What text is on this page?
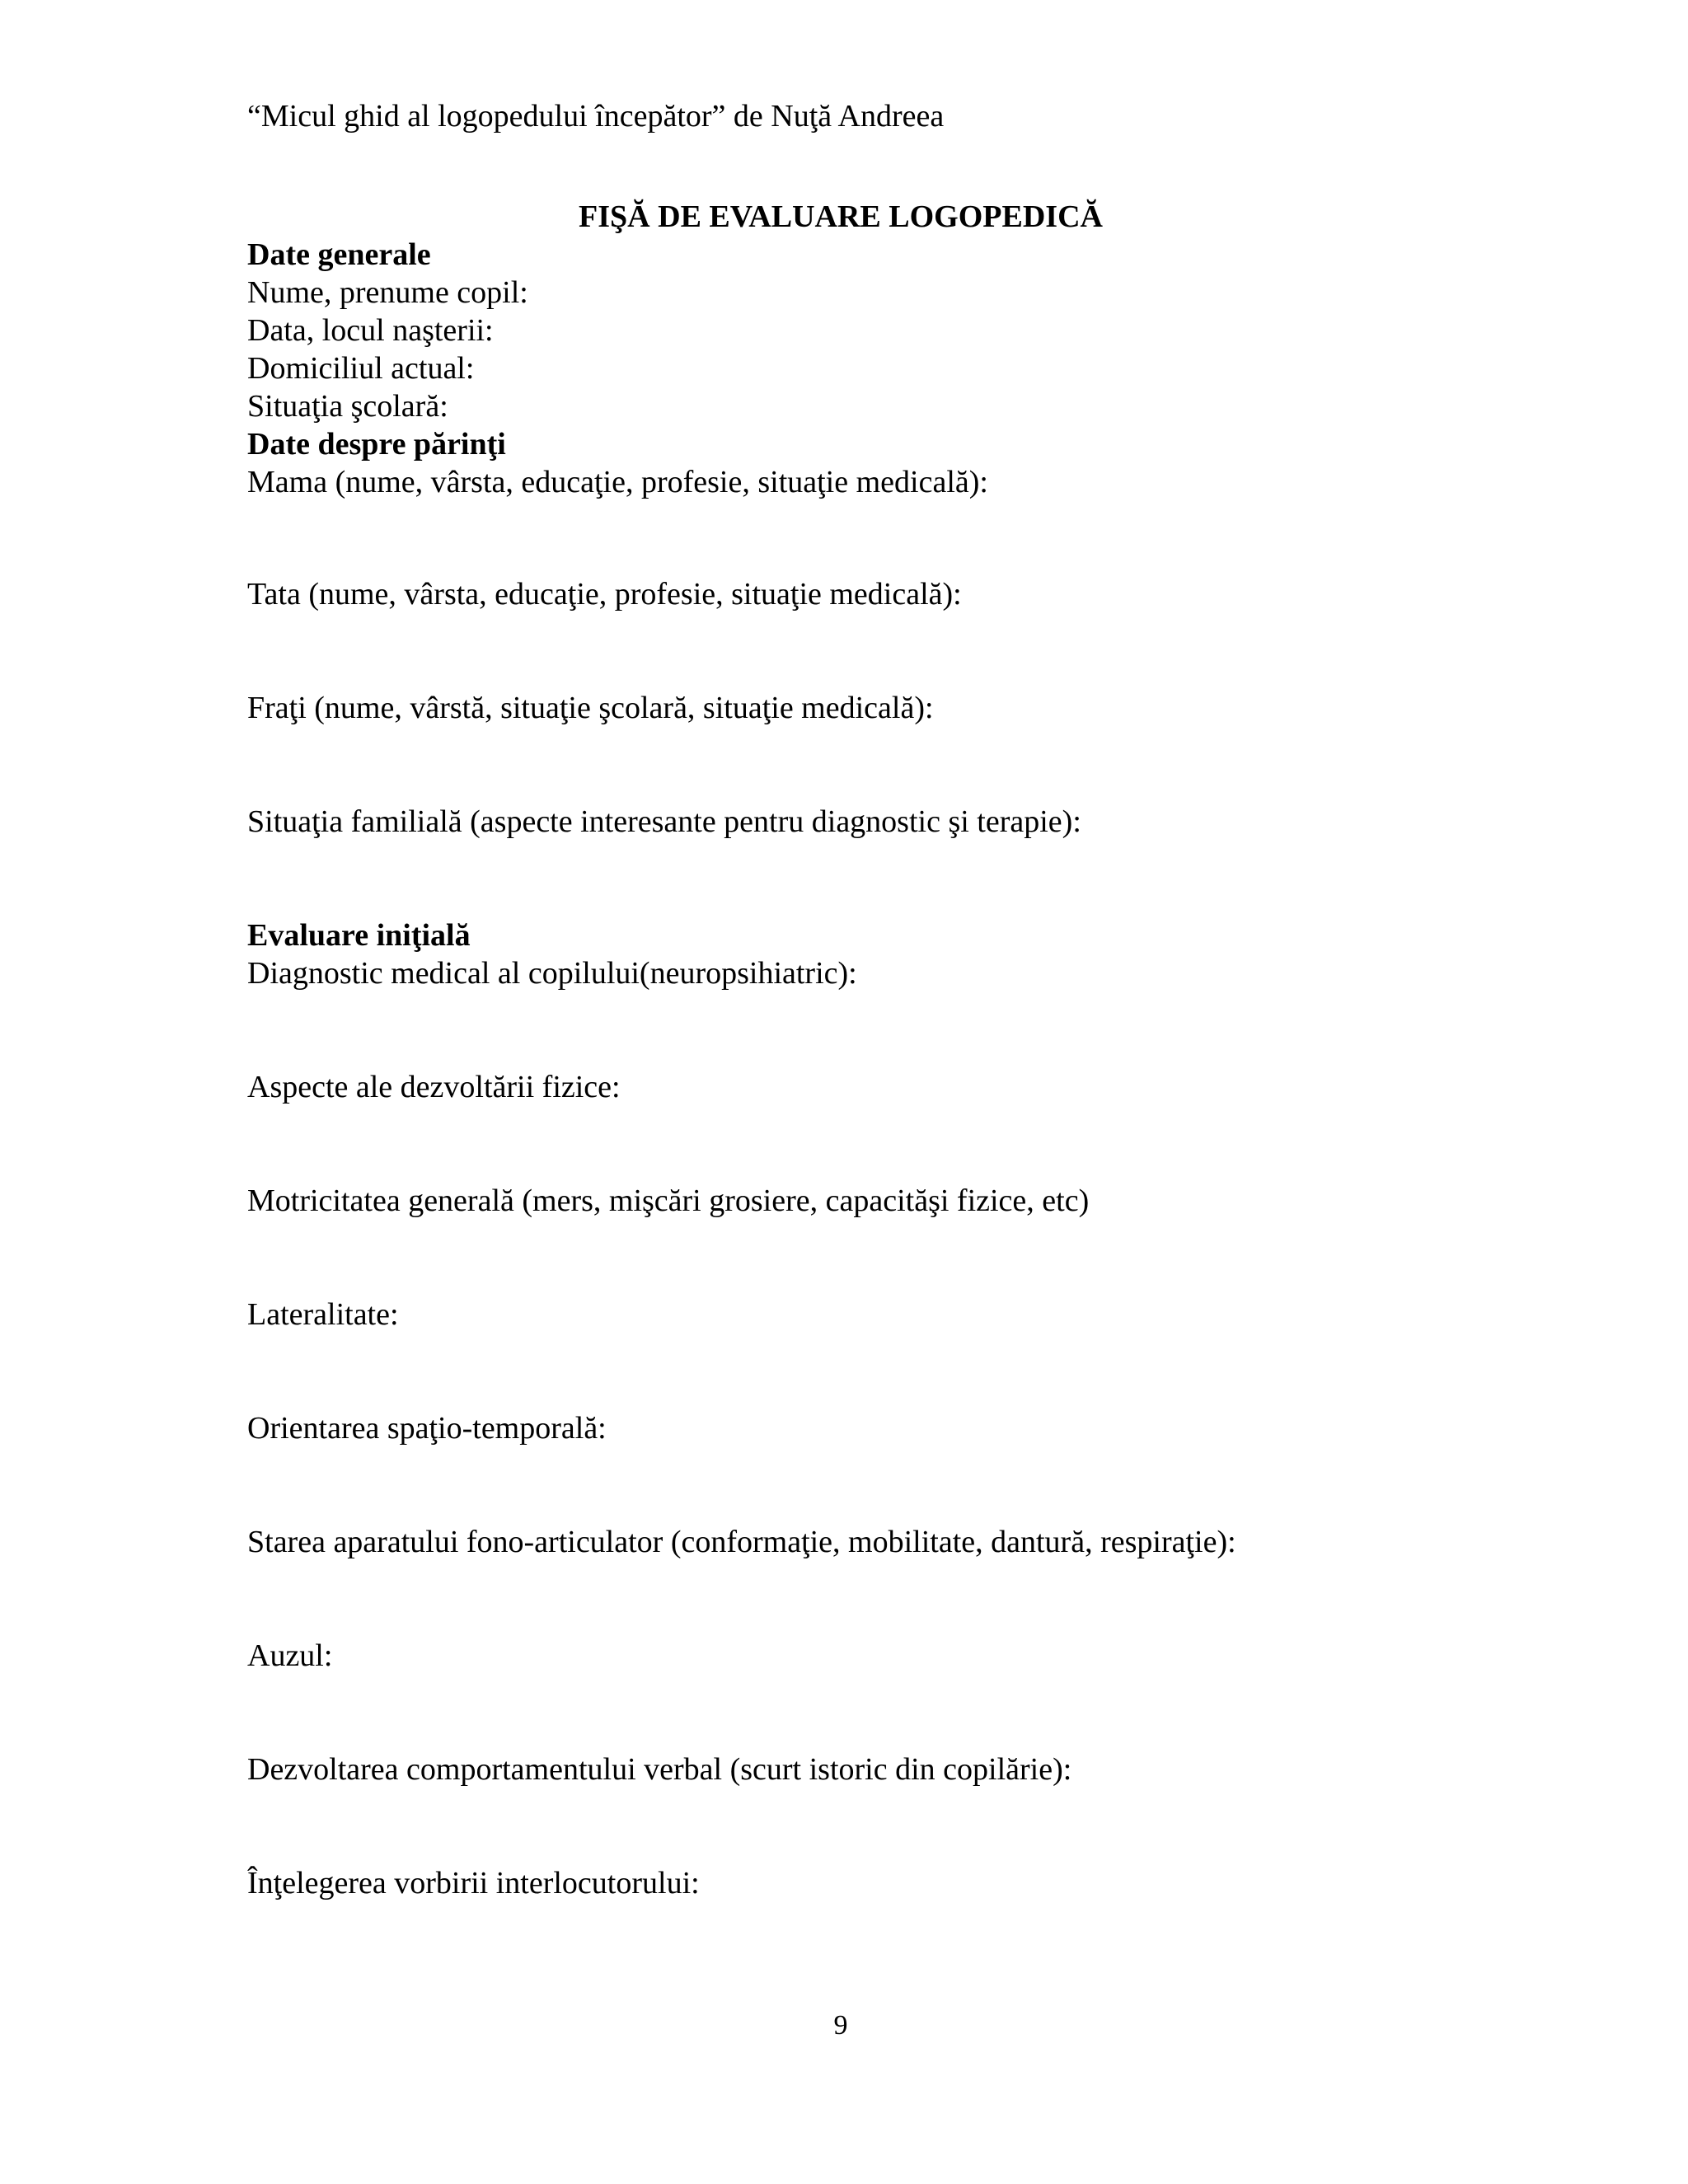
“Micul ghid al logopedului începător” de Nuţă Andreea
FIŞĂ DE EVALUARE LOGOPEDICĂ
Date generale
Nume, prenume copil:
Data, locul naşterii:
Domiciliul actual:
Situaţia şcolară:
Date despre părinţi
Mama (nume, vârsta, educaţie, profesie, situaţie medicală):
Tata (nume, vârsta, educaţie, profesie, situaţie medicală):
Fraţi (nume, vârstă, situaţie şcolară, situaţie medicală):
Situaţia familială (aspecte interesante pentru diagnostic şi terapie):
Evaluare iniţială
Diagnostic medical al copilului(neuropsihiatric):
Aspecte ale dezvoltării fizice:
Motricitatea generală (mers, mişcări grosiere, capacităşi fizice, etc)
Lateralitate:
Orientarea spaţio-temporală:
Starea aparatului fono-articulator (conformaţie, mobilitate, dantură, respiraţie):
Auzul:
Dezvoltarea comportamentului verbal (scurt istoric din copilărie):
Înţelegerea vorbirii interlocutorului:
9
